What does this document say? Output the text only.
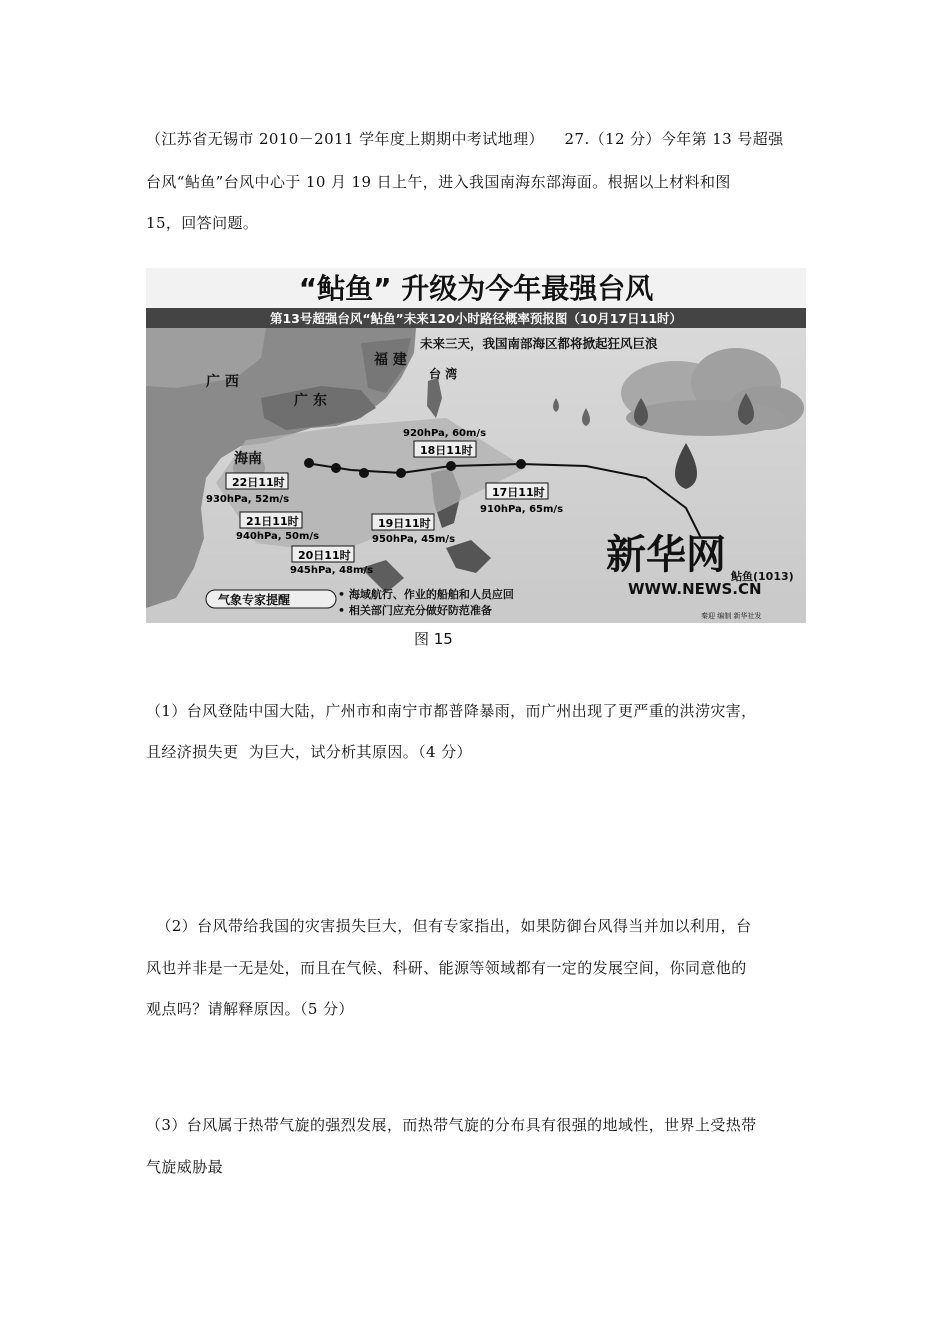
（江苏省无锡市 2010－2011 学年度上期期中考试地理）    27.（12 分）今年第 13 号超强
台风“鲇鱼”台风中心于 10 月 19 日上午，进入我国南海东部海面。根据以上材料和图
15，回答问题。
“鲇鱼” 升级为今年最强台风
第13号超强台风“鲇鱼”未来120小时路径概率预报图（10月17日11时）
广 西
广 东
福 建
台 湾
海南
17日11时
910hPa, 65m/s
18日11时
920hPa, 60m/s
19日11时
950hPa, 45m/s
20日11时
945hPa, 48m/s
21日11时
940hPa, 50m/s
22日11时
930hPa, 52m/s
未来三天，我国南部海区都将掀起狂风巨浪
新华网 鲇鱼(1013)
WWW.NEWS.CN
气象专家提醒	• 海域航行、作业的船舶和人员应回
• 相关部门应充分做好防范准备	秦迎 编制 新华社发
图 15
（1）台风登陆中国大陆，广州市和南宁市都普降暴雨，而广州出现了更严重的洪涝灾害，
且经济损失更  为巨大，试分析其原因。（4 分）
（2）台风带给我国的灾害损失巨大，但有专家指出，如果防御台风得当并加以利用，台
风也并非是一无是处，而且在气候、科研、能源等领域都有一定的发展空间，你同意他的
观点吗？请解释原因。（5 分）
（3）台风属于热带气旋的强烈发展，而热带气旋的分布具有很强的地域性，世界上受热带
气旋威胁最
